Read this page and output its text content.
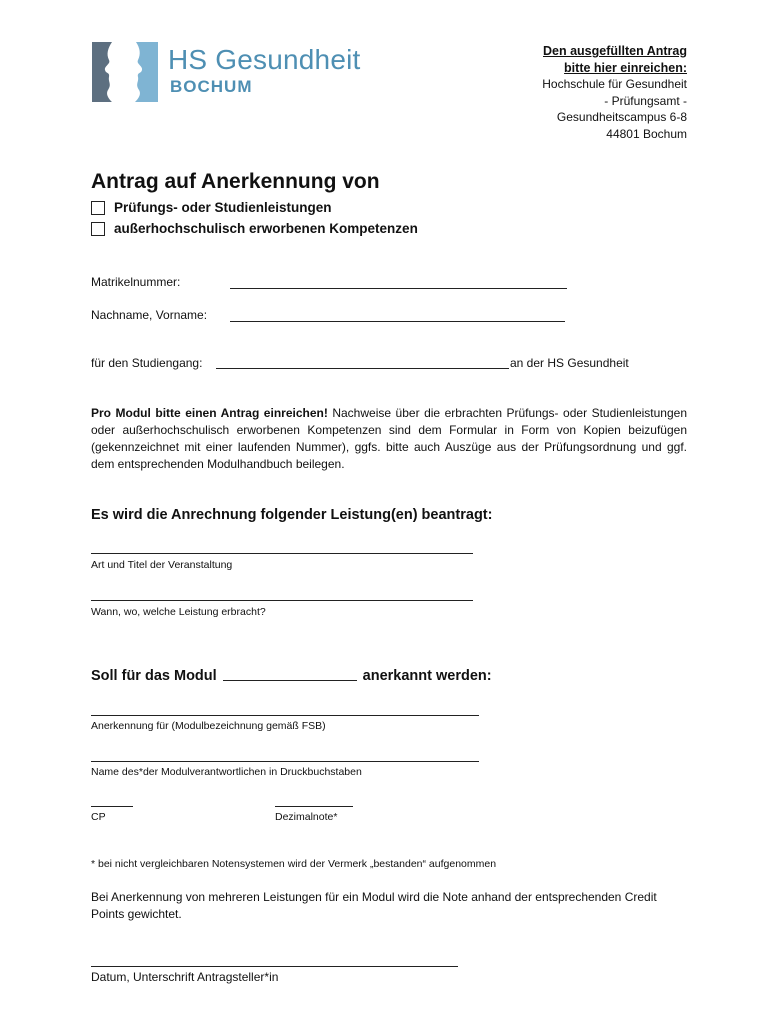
HS Gesundheit
BOCHUM
Den ausgefüllten Antrag
bitte hier einreichen:
Hochschule für Gesundheit
- Prüfungsamt -
Gesundheitscampus 6-8
44801 Bochum
Antrag auf Anerkennung von
Prüfungs- oder Studienleistungen
außerhochschulisch erworbenen Kompetenzen
Matrikelnummer:
Nachname, Vorname:
für den Studiengang:	an der HS Gesundheit
Pro Modul bitte einen Antrag einreichen! Nachweise über die erbrachten Prüfungs- oder Studienleistungen oder außerhochschulisch erworbenen Kompetenzen sind dem Formular in Form von Kopien beizufügen (gekennzeichnet mit einer laufenden Nummer), ggfs. bitte auch Auszüge aus der Prüfungsordnung und ggf. dem entsprechenden Modulhandbuch beilegen.
Es wird die Anrechnung folgender Leistung(en) beantragt:
Art und Titel der Veranstaltung
Wann, wo, welche Leistung erbracht?
Soll für das Modul	anerkannt werden:
Anerkennung für (Modulbezeichnung gemäß FSB)
Name des*der Modulverantwortlichen in Druckbuchstaben
CP	Dezimalnote*
* bei nicht vergleichbaren Notensystemen wird der Vermerk „bestanden“ aufgenommen
Bei Anerkennung von mehreren Leistungen für ein Modul wird die Note anhand der entsprechenden Credit Points gewichtet.
Datum, Unterschrift Antragsteller*in
